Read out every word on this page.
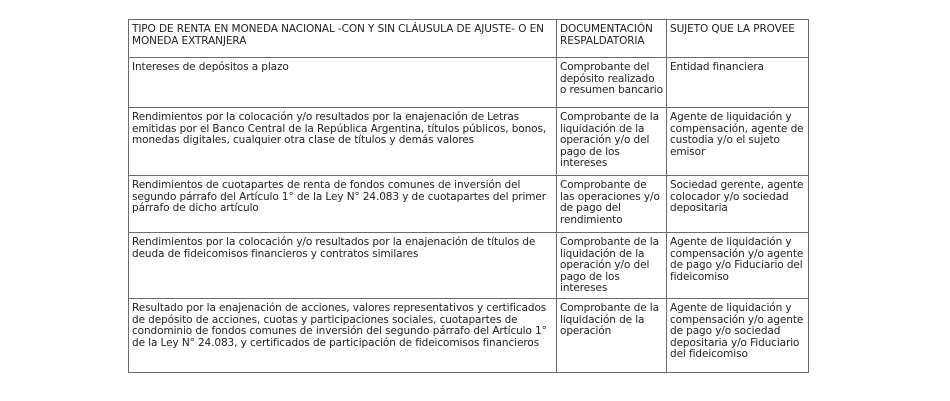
TIPO DE RENTA EN MONEDA NACIONAL -CON Y SIN CLÁUSULA DE AJUSTE- O EN MONEDA EXTRANJERA	DOCUMENTACIÓN RESPALDATORIA	SUJETO QUE LA PROVEE
Intereses de depósitos a plazo	Comprobante del depósito realizado o resumen bancario	Entidad financiera
Rendimientos por la colocación y/o resultados por la enajenación de Letras emitidas por el Banco Central de la República Argentina, títulos públicos, bonos, monedas digitales, cualquier otra clase de títulos y demás valores	Comprobante de la liquidación de la operación y/o del pago de los intereses	Agente de liquidación y compensación, agente de custodia y/o el sujeto emisor
Rendimientos de cuotapartes de renta de fondos comunes de inversión del segundo párrafo del Artículo 1° de la Ley N° 24.083 y de cuotapartes del primer párrafo de dicho artículo	Comprobante de las operaciones y/o de pago del rendimiento	Sociedad gerente, agente colocador y/o sociedad depositaria
Rendimientos por la colocación y/o resultados por la enajenación de títulos de deuda de fideicomisos financieros y contratos similares	Comprobante de la liquidación de la operación y/o del pago de los intereses	Agente de liquidación y compensación y/o agente de pago y/o Fiduciario del fideicomiso
Resultado por la enajenación de acciones, valores representativos y certificados de depósito de acciones, cuotas y participaciones sociales, cuotapartes de condominio de fondos comunes de inversión del segundo párrafo del Artículo 1° de la Ley N° 24.083, y certificados de participación de fideicomisos financieros	Comprobante de la liquidación de la operación	Agente de liquidación y compensación y/o agente de pago y/o sociedad depositaria y/o Fiduciario del fideicomiso
